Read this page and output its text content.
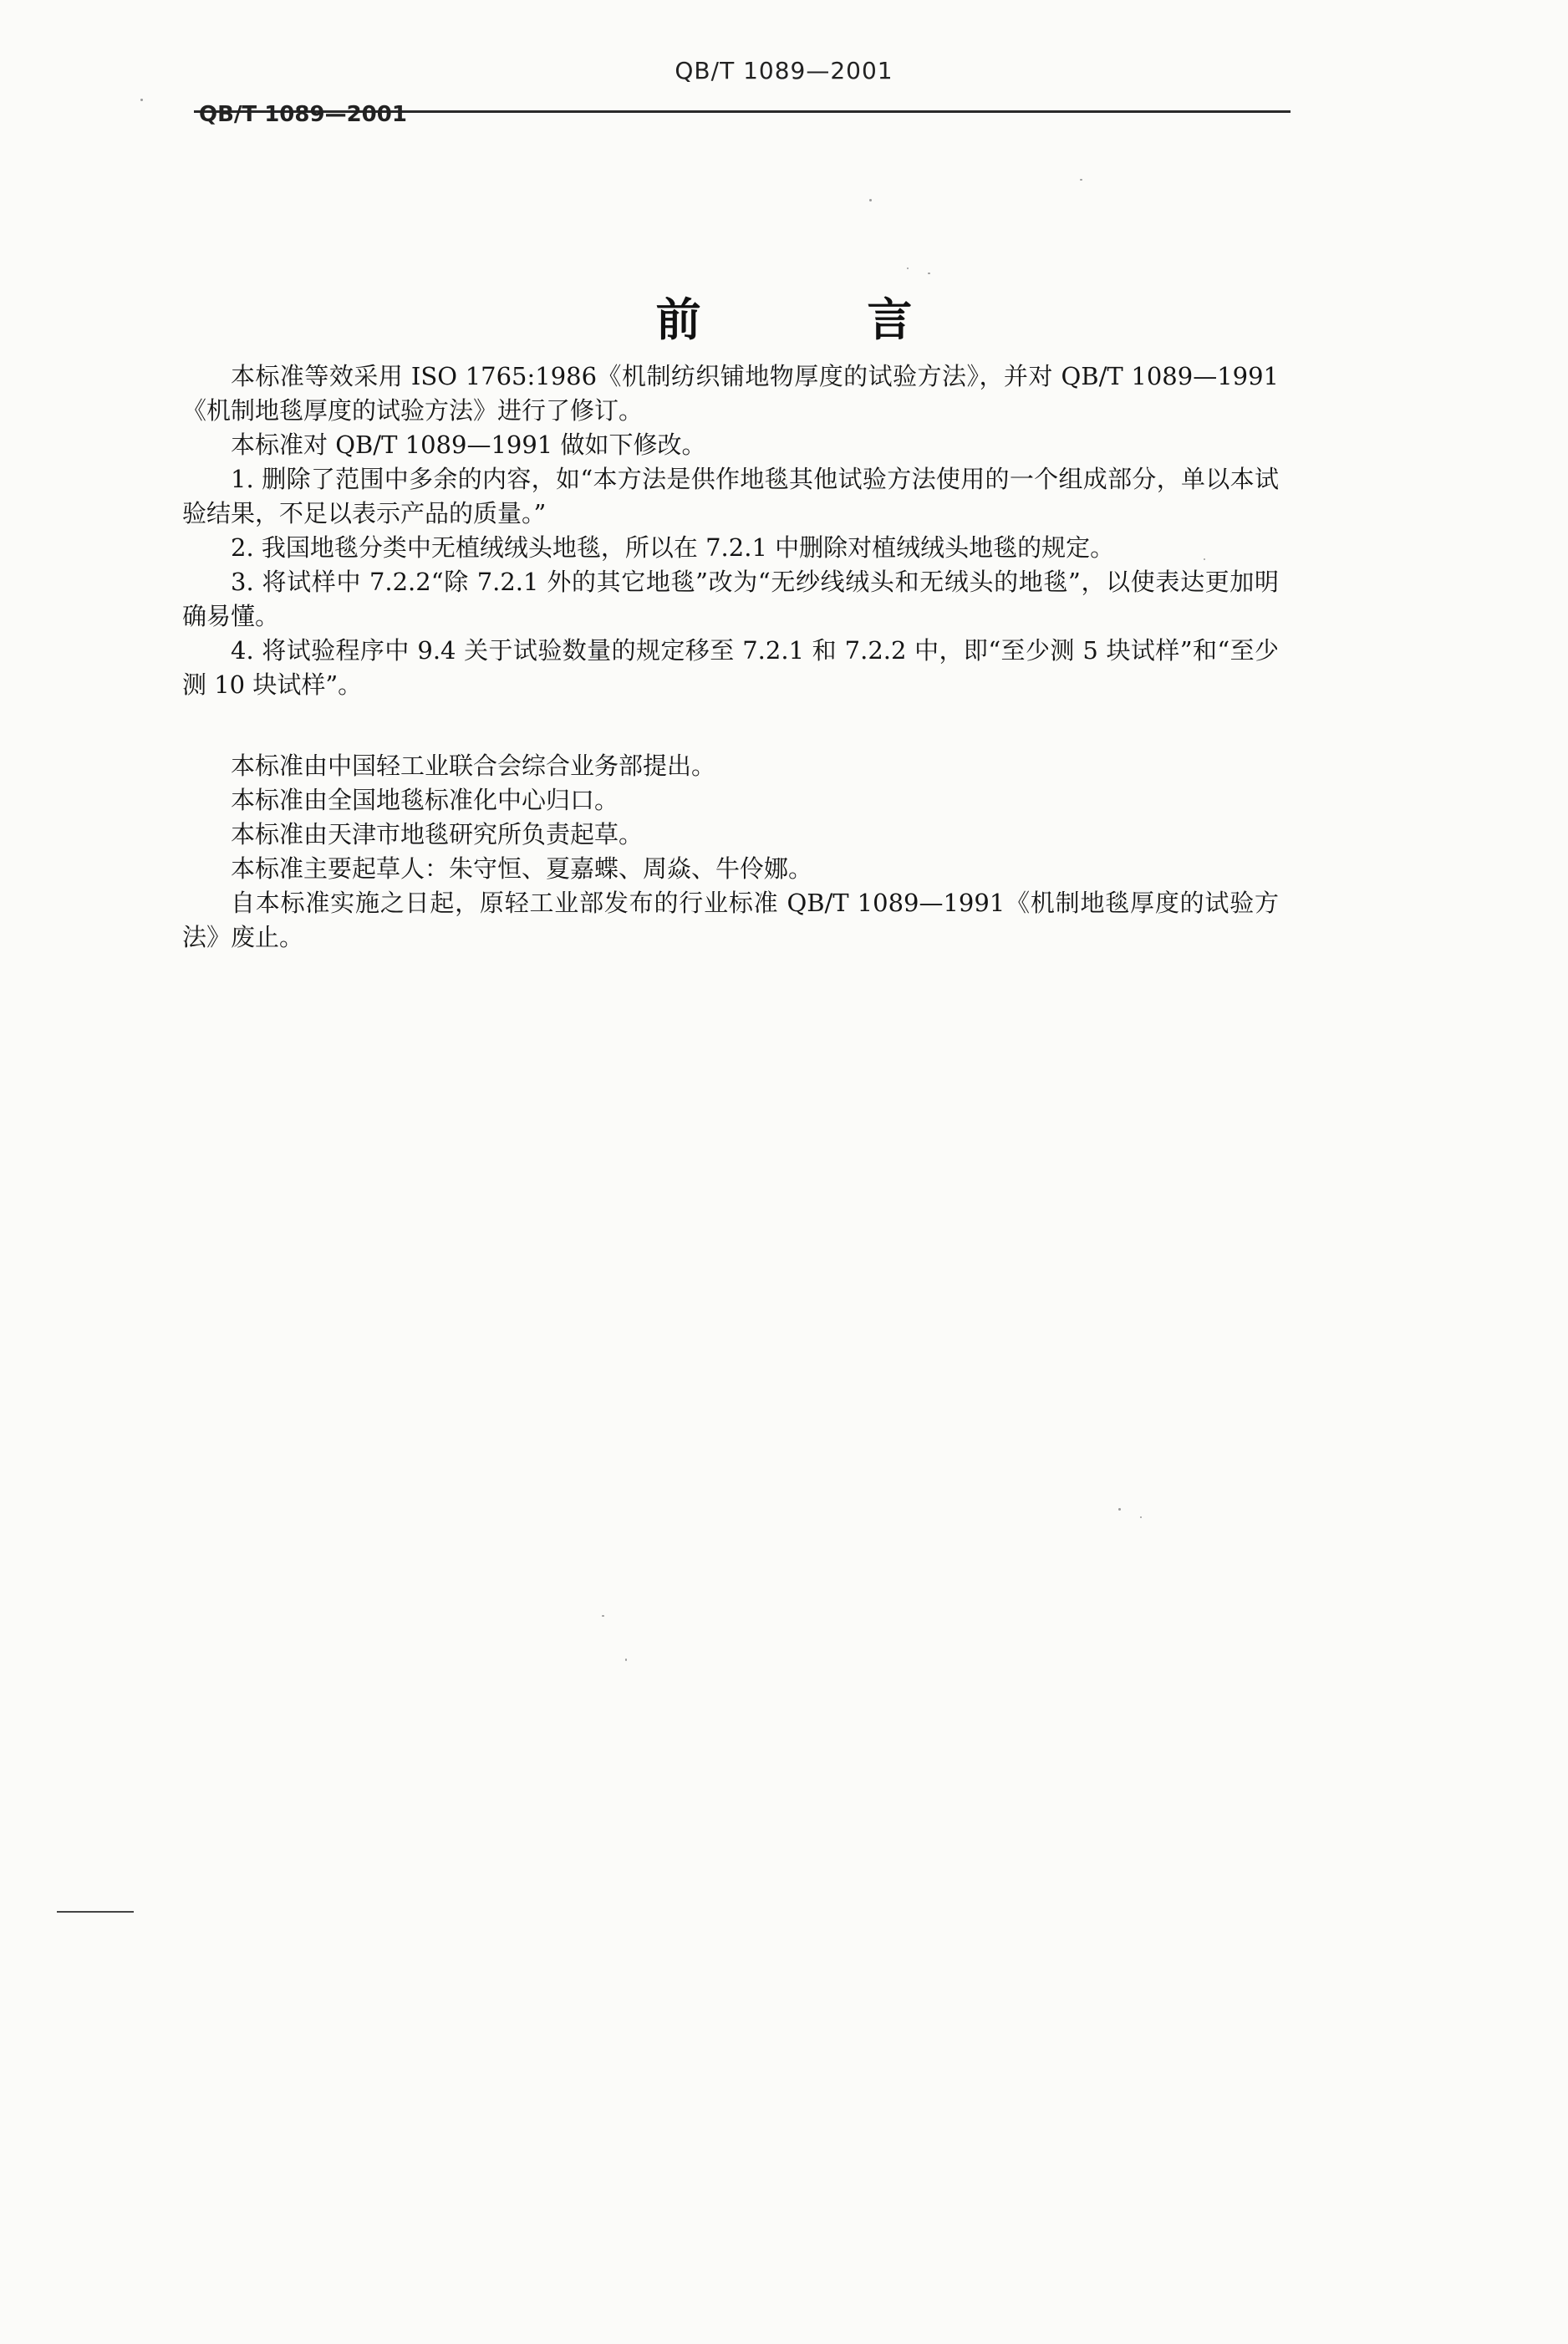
QB/T 1089—2001
QB/T 1089—2001
前 言

本标准等效采用 ISO 1765:1986《机制纺织铺地物厚度的试验方法》，并对 QB/T 1089—1991《机制地毯厚度的试验方法》进行了修订。

本标准对 QB/T 1089—1991 做如下修改。

1. 删除了范围中多余的内容，如“本方法是供作地毯其他试验方法使用的一个组成部分，单以本试验结果，不足以表示产品的质量。”

2. 我国地毯分类中无植绒绒头地毯，所以在 7.2.1 中删除对植绒绒头地毯的规定。

3. 将试样中 7.2.2“除 7.2.1 外的其它地毯”改为“无纱线绒头和无绒头的地毯”，以使表达更加明确易懂。

4. 将试验程序中 9.4 关于试验数量的规定移至 7.2.1 和 7.2.2 中，即“至少测 5 块试样”和“至少测 10 块试样”。

本标准由中国轻工业联合会综合业务部提出。

本标准由全国地毯标准化中心归口。

本标准由天津市地毯研究所负责起草。

本标准主要起草人：朱守恒、夏嘉蝶、周焱、牛伶娜。

自本标准实施之日起，原轻工业部发布的行业标准 QB/T 1089—1991《机制地毯厚度的试验方法》废止。
